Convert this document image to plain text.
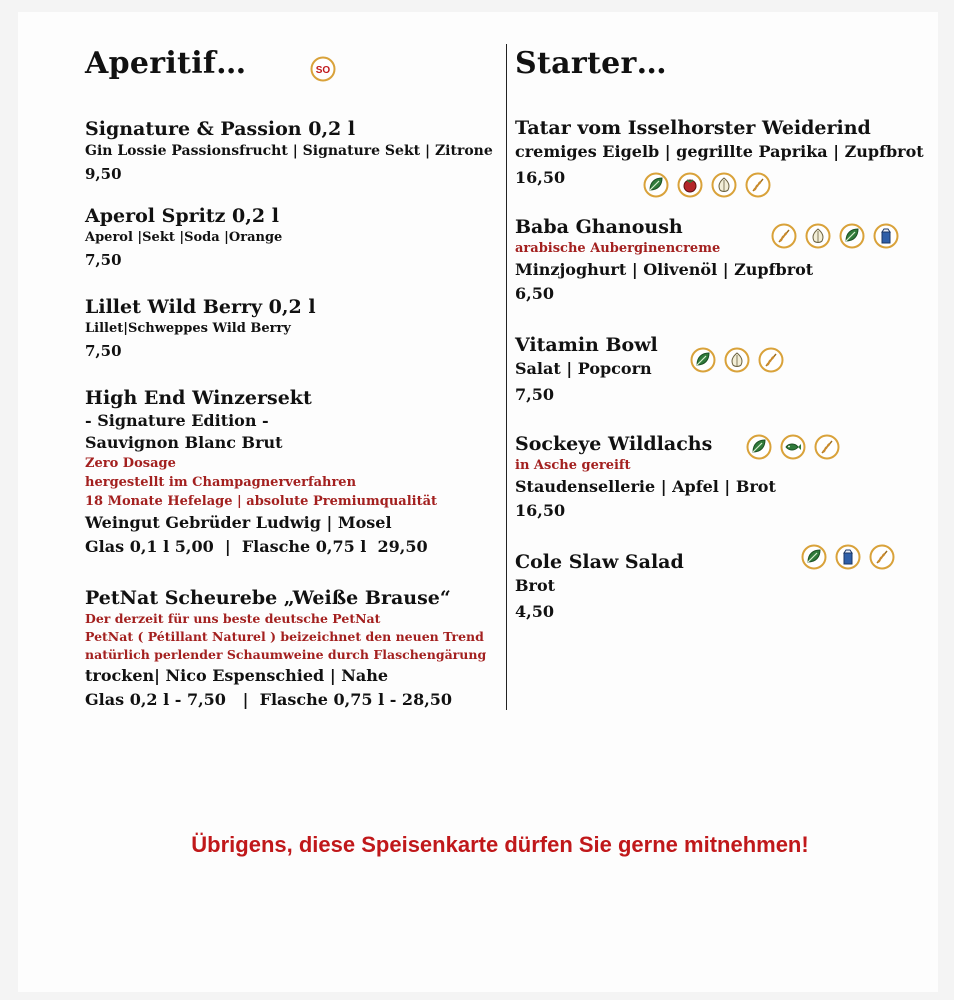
Aperitif…
Signature & Passion 0,2 l
Gin Lossie Passionsfrucht | Signature Sekt | Zitrone
9,50
Aperol Spritz 0,2 l
Aperol |Sekt |Soda |Orange
7,50
Lillet Wild Berry 0,2 l
Lillet|Schweppes Wild Berry
7,50
High End Winzersekt
- Signature Edition -
Sauvignon Blanc Brut
Zero Dosage
hergestellt im Champagnerverfahren
18 Monate Hefelage | absolute Premiumqualität
Weingut Gebrüder Ludwig | Mosel
Glas 0,1 l 5,00  |  Flasche 0,75 l  29,50
PetNat Scheurebe „Weiße Brause“
Der derzeit für uns beste deutsche PetNat
PetNat ( Pétillant Naturel ) beizeichnet den neuen Trend
natürlich perlender Schaumweine durch Flaschengärung
trocken| Nico Espenschied | Nahe
Glas 0,2 l - 7,50   |  Flasche 0,75 l - 28,50
SO	Starter…
Tatar vom Isselhorster Weiderind
cremiges Eigelb | gegrillte Paprika | Zupfbrot
16,50
Baba Ghanoush
arabische Auberginencreme
Minzjoghurt | Olivenöl | Zupfbrot
6,50
Vitamin Bowl
Salat | Popcorn
7,50
Sockeye Wildlachs
in Asche gereift
Staudensellerie | Apfel | Brot
16,50
Cole Slaw Salad
Brot
4,50
Übrigens, diese Speisenkarte dürfen Sie gerne mitnehmen!
